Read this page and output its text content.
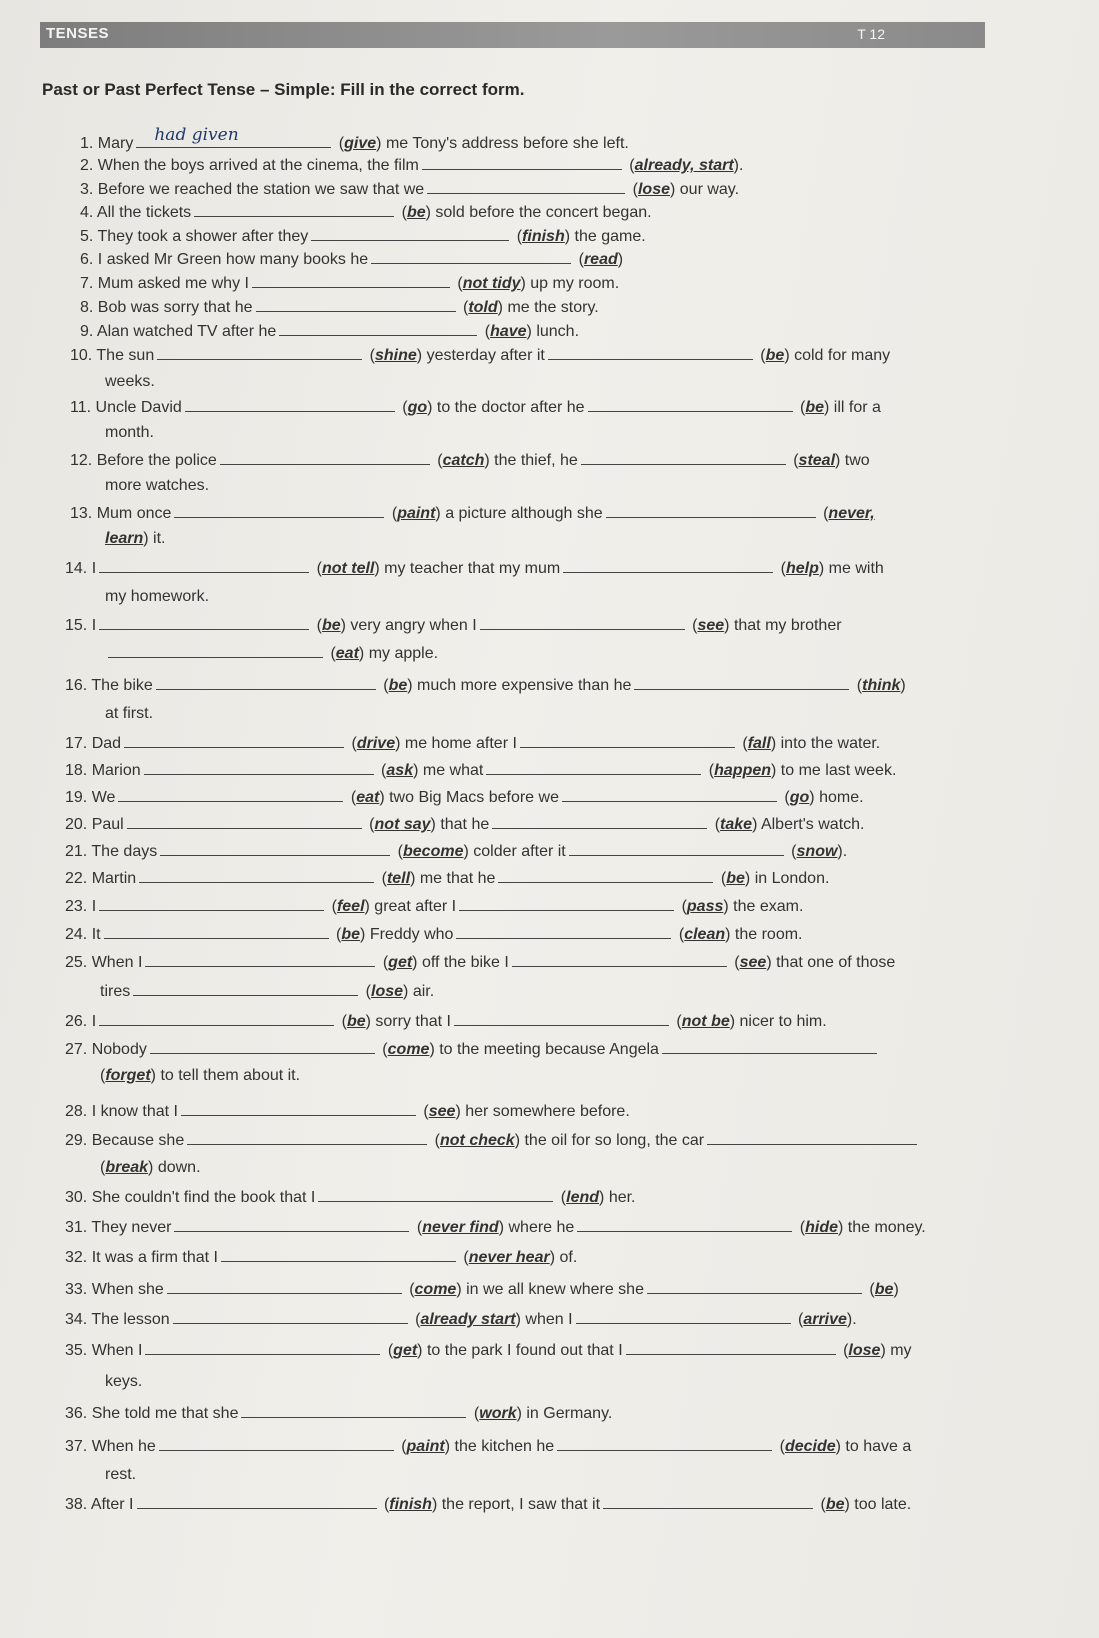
TENSES	T 12
Past or Past Perfect Tense – Simple: Fill in the correct form.
1. Mary had given	(give) me Tony's address before she left.
2. When the boys arrived at the cinema, the film	(already, start).
3. Before we reached the station we saw that we	(lose) our way.
4. All the tickets	(be) sold before the concert began.
5. They took a shower after they	(finish) the game.
6. I asked Mr Green how many books he	(read)
7. Mum asked me why I	(not tidy) up my room.
8. Bob was sorry that he	(told) me the story.
9. Alan watched TV after he	(have) lunch.
10. The sun	(shine) yesterday after it	(be) cold for many
weeks.
11. Uncle David	(go) to the doctor after he	(be) ill for a
month.
12. Before the police	(catch) the thief, he	(steal) two
more watches.
13. Mum once	(paint) a picture although she	(never,
learn) it.
14. I	(not tell) my teacher that my mum	(help) me with
my homework.
15. I	(be) very angry when I	(see) that my brother
(eat) my apple.
16. The bike	(be) much more expensive than he	(think)
at first.
17. Dad	(drive) me home after I	(fall) into the water.
18. Marion	(ask) me what	(happen) to me last week.
19. We	(eat) two Big Macs before we	(go) home.
20. Paul	(not say) that he	(take) Albert's watch.
21. The days	(become) colder after it	(snow).
22. Martin	(tell) me that he	(be) in London.
23. I	(feel) great after I	(pass) the exam.
24. It	(be) Freddy who	(clean) the room.
25. When I	(get) off the bike I	(see) that one of those
tires	(lose) air.
26. I	(be) sorry that I	(not be) nicer to him.
27. Nobody	(come) to the meeting because Angela
(forget) to tell them about it.
28. I know that I	(see) her somewhere before.
29. Because she	(not check) the oil for so long, the car
(break) down.
30. She couldn't find the book that I	(lend) her.
31. They never	(never find) where he	(hide) the money.
32. It was a firm that I	(never hear) of.
33. When she	(come) in we all knew where she	(be)
34. The lesson	(already start) when I	(arrive).
35. When I	(get) to the park I found out that I	(lose) my
keys.
36. She told me that she	(work) in Germany.
37. When he	(paint) the kitchen he	(decide) to have a
rest.
38. After I	(finish) the report, I saw that it	(be) too late.
